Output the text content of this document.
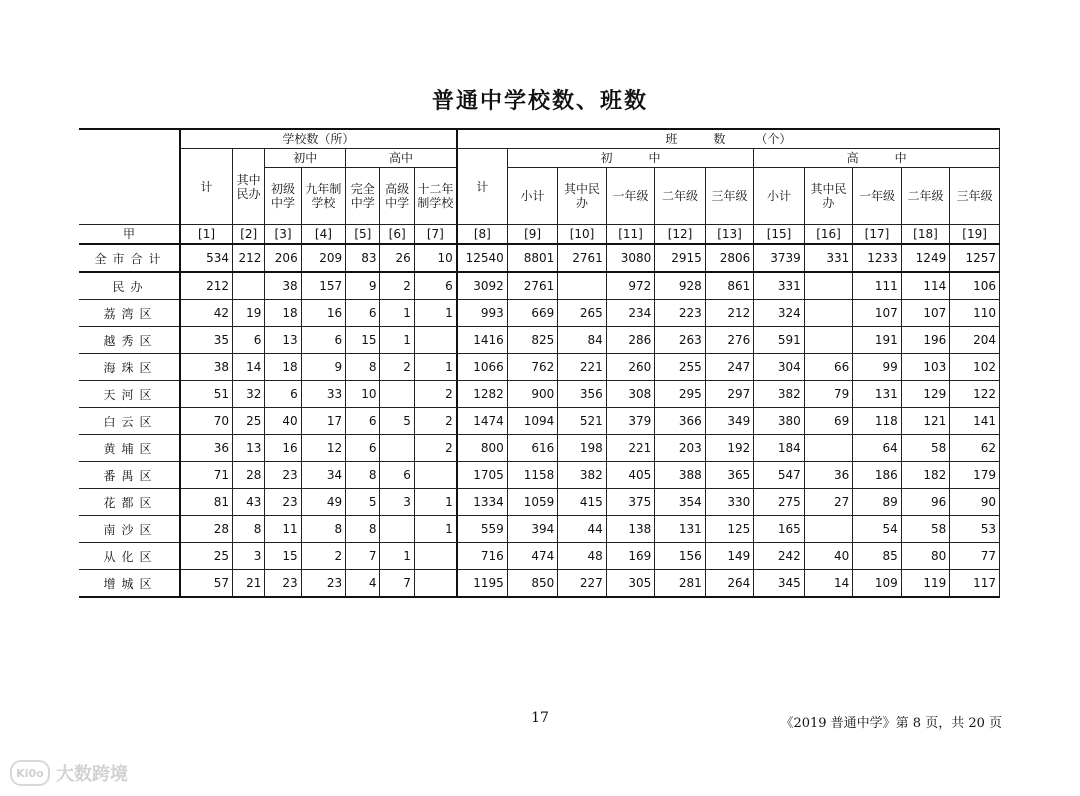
普通中学校数、班数
	学校数（所）							班　　　数　　　（个）										
	计	其中民办	初中		高中			计	初　　　中					高　　　中				
			初级中学	九年制学校	完全中学	高级中学	十二年制学校		小计	其中民办	一年级	二年级	三年级	小计	其中民办	一年级	二年级	三年级
甲	[1]	[2]	[3]	[4]	[5]	[6]	[7]	[8]	[9]	[10]	[11]	[12]	[13]	[15]	[16]	[17]	[18]	[19]
全市合计	534	212	206	209	83	26	10	12540	8801	2761	3080	2915	2806	3739	331	1233	1249	1257
民办	212		38	157	9	2	6	3092	2761		972	928	861	331		111	114	106
荔湾区	42	19	18	16	6	1	1	993	669	265	234	223	212	324		107	107	110
越秀区	35	6	13	6	15	1		1416	825	84	286	263	276	591		191	196	204
海珠区	38	14	18	9	8	2	1	1066	762	221	260	255	247	304	66	99	103	102
天河区	51	32	6	33	10		2	1282	900	356	308	295	297	382	79	131	129	122
白云区	70	25	40	17	6	5	2	1474	1094	521	379	366	349	380	69	118	121	141
黄埔区	36	13	16	12	6		2	800	616	198	221	203	192	184		64	58	62
番禺区	71	28	23	34	8	6		1705	1158	382	405	388	365	547	36	186	182	179
花都区	81	43	23	49	5	3	1	1334	1059	415	375	354	330	275	27	89	96	90
南沙区	28	8	11	8	8		1	559	394	44	138	131	125	165		54	58	53
从化区	25	3	15	2	7	1		716	474	48	169	156	149	242	40	85	80	77
增城区	57	21	23	23	4	7		1195	850	227	305	281	264	345	14	109	119	117
17	《2019 普通中学》第 8 页，共 20 页
Ki0o 大数跨境
